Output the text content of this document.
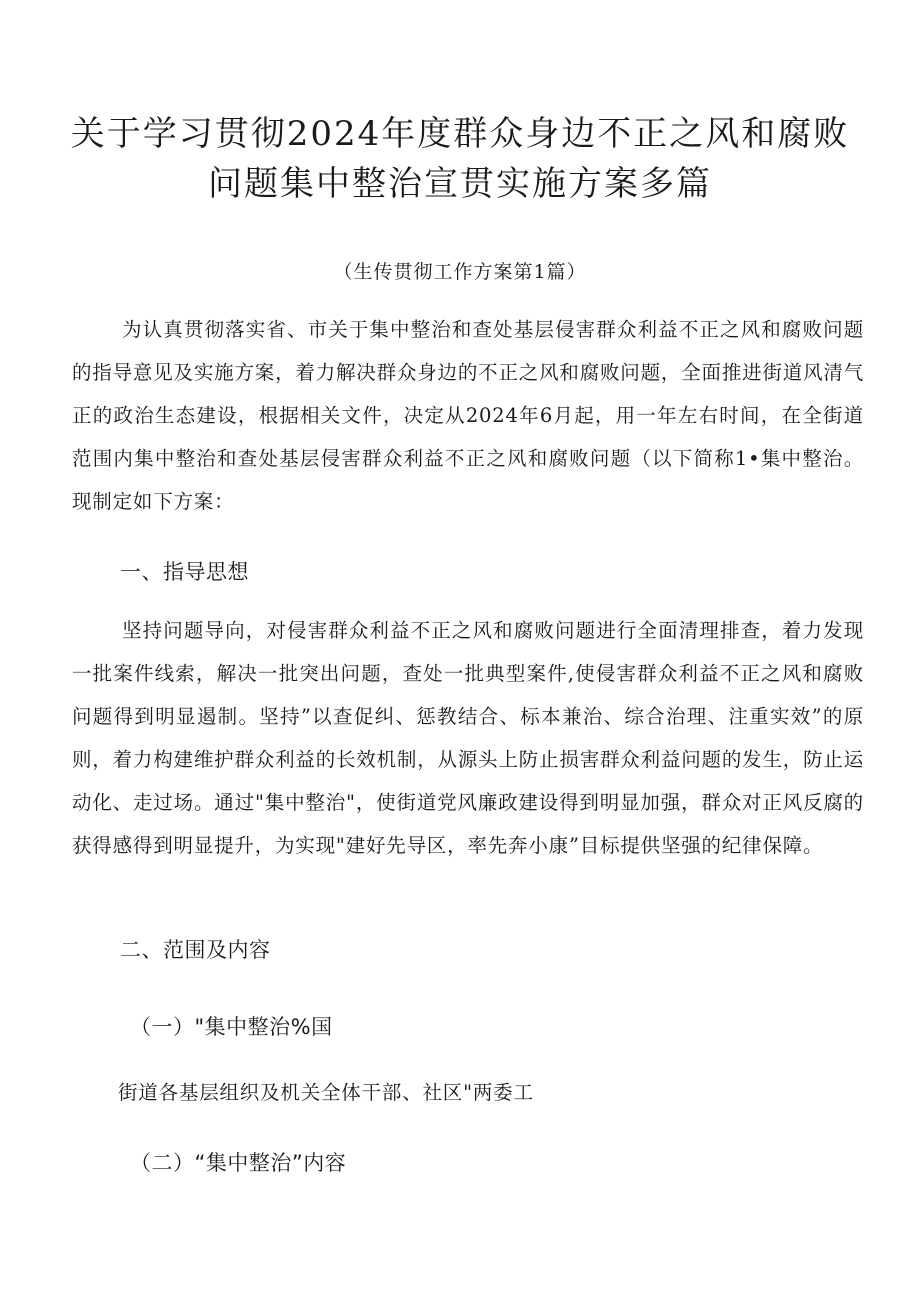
关于学习贯彻2024年度群众身边不正之风和腐败问题集中整治宣贯实施方案多篇
（生传贯彻工作方案第1篇）

为认真贯彻落实省、市关于集中整治和查处基层侵害群众利益不正之风和腐败问题的指导意见及实施方案，着力解决群众身边的不正之风和腐败问题，全面推进街道风清气正的政治生态建设，根据相关文件，决定从2024年6月起，用一年左右时间，在全街道范围内集中整治和查处基层侵害群众利益不正之风和腐败问题（以下简称1•集中整治。现制定如下方案：

一、指导思想

坚持问题导向，对侵害群众利益不正之风和腐败问题进行全面清理排查，着力发现一批案件线索，解决一批突出问题，查处一批典型案件,使侵害群众利益不正之风和腐败问题得到明显遏制。坚持”以查促纠、惩教结合、标本兼治、综合治理、注重实效”的原则，着力构建维护群众利益的长效机制，从源头上防止损害群众利益问题的发生，防止运动化、走过场。通过"集中整治"，使街道党风廉政建设得到明显加强，群众对正风反腐的获得感得到明显提升，为实现"建好先导区，率先奔小康”目标提供坚强的纪律保障。

二、范围及内容
（一）"集中整治%国

街道各基层组织及机关全体干部、社区"两委工

（二）“集中整治”内容
